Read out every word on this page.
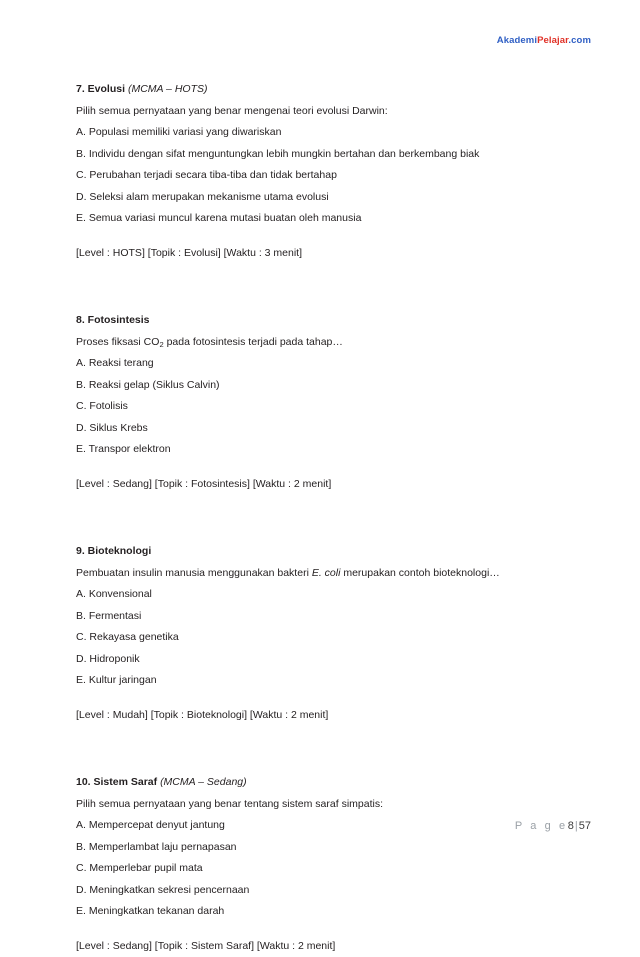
AkademiPelajar.com

7. Evolusi (MCMA – HOTS)

Pilih semua pernyataan yang benar mengenai teori evolusi Darwin:

A. Populasi memiliki variasi yang diwariskan

B. Individu dengan sifat menguntungkan lebih mungkin bertahan dan berkembang biak

C. Perubahan terjadi secara tiba-tiba dan tidak bertahap

D. Seleksi alam merupakan mekanisme utama evolusi

E. Semua variasi muncul karena mutasi buatan oleh manusia

[Level : HOTS] [Topik : Evolusi] [Waktu : 3 menit]

8. Fotosintesis

Proses fiksasi $CO_2$ pada fotosintesis terjadi pada tahap…

A. Reaksi terang

B. Reaksi gelap (Siklus Calvin)

C. Fotolisis

D. Siklus Krebs

E. Transpor elektron

[Level : Sedang] [Topik : Fotosintesis] [Waktu : 2 menit]

9. Bioteknologi

Pembuatan insulin manusia menggunakan bakteri E. coli merupakan contoh bioteknologi…

A. Konvensional

B. Fermentasi

C. Rekayasa genetika

D. Hidroponik

E. Kultur jaringan

[Level : Mudah] [Topik : Bioteknologi] [Waktu : 2 menit]

10. Sistem Saraf (MCMA – Sedang)

Pilih semua pernyataan yang benar tentang sistem saraf simpatis:

A. Mempercepat denyut jantung

B. Memperlambat laju pernapasan

C. Memperlebar pupil mata

D. Meningkatkan sekresi pencernaan

E. Meningkatkan tekanan darah

[Level : Sedang] [Topik : Sistem Saraf] [Waktu : 2 menit]

P a g e8|57
